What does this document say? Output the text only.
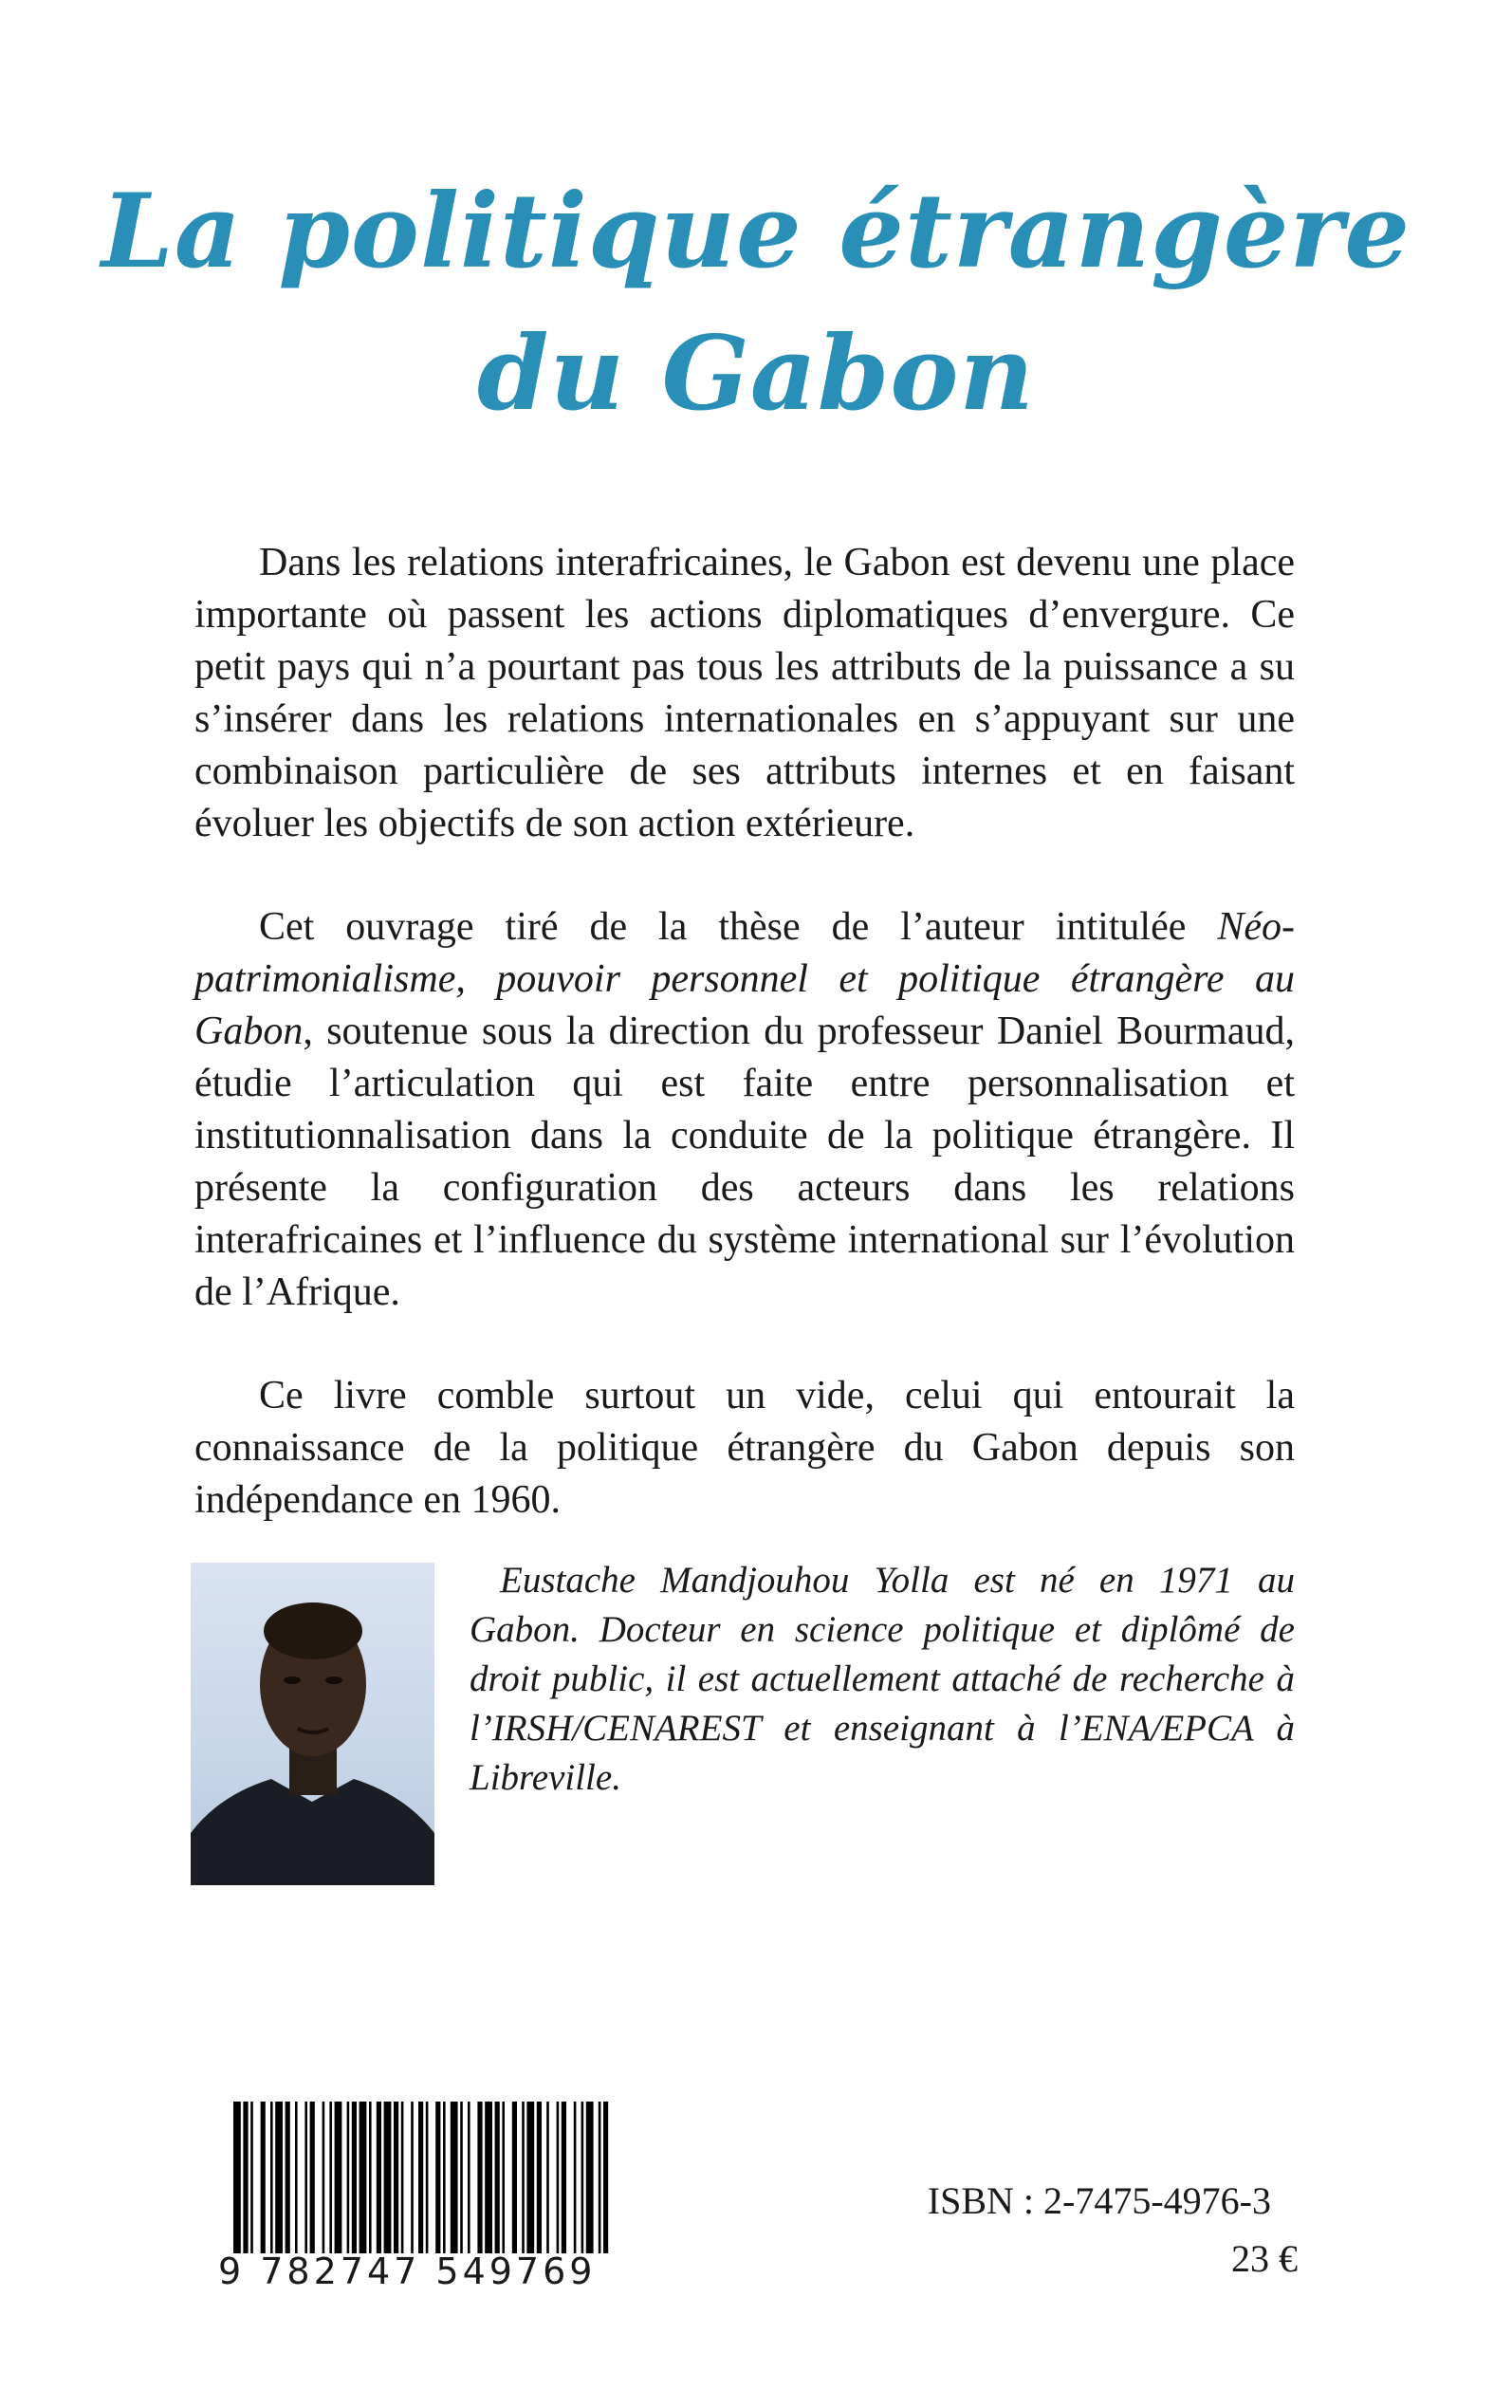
La politique étrangère
du Gabon

Dans les relations interafricaines, le Gabon est devenu une place importante où passent les actions diplomatiques d’envergure. Ce petit pays qui n’a pourtant pas tous les attributs de la puissance a su s’insérer dans les relations internationales en s’appuyant sur une combinaison particulière de ses attributs internes et en faisant évoluer les objectifs de son action extérieure.

Cet ouvrage tiré de la thèse de l’auteur intitulée Néo-patrimonialisme, pouvoir personnel et politique étrangère au Gabon, soutenue sous la direction du professeur Daniel Bourmaud, étudie l’articulation qui est faite entre personnalisation et institutionnalisation dans la conduite de la politique étrangère. Il présente la configuration des acteurs dans les relations interafricaines et l’influence du système international sur l’évolution de l’Afrique.

Ce livre comble surtout un vide, celui qui entourait la connaissance de la politique étrangère du Gabon depuis son indépendance en 1960.

Eustache Mandjouhou Yolla est né en 1971 au Gabon. Docteur en science politique et diplômé de droit public, il est actuellement attaché de recherche à l’IRSH/CENAREST et enseignant à l’ENA/EPCA à Libreville.

9 782747 549769
ISBN : 2-7475-4976-3
23 €
